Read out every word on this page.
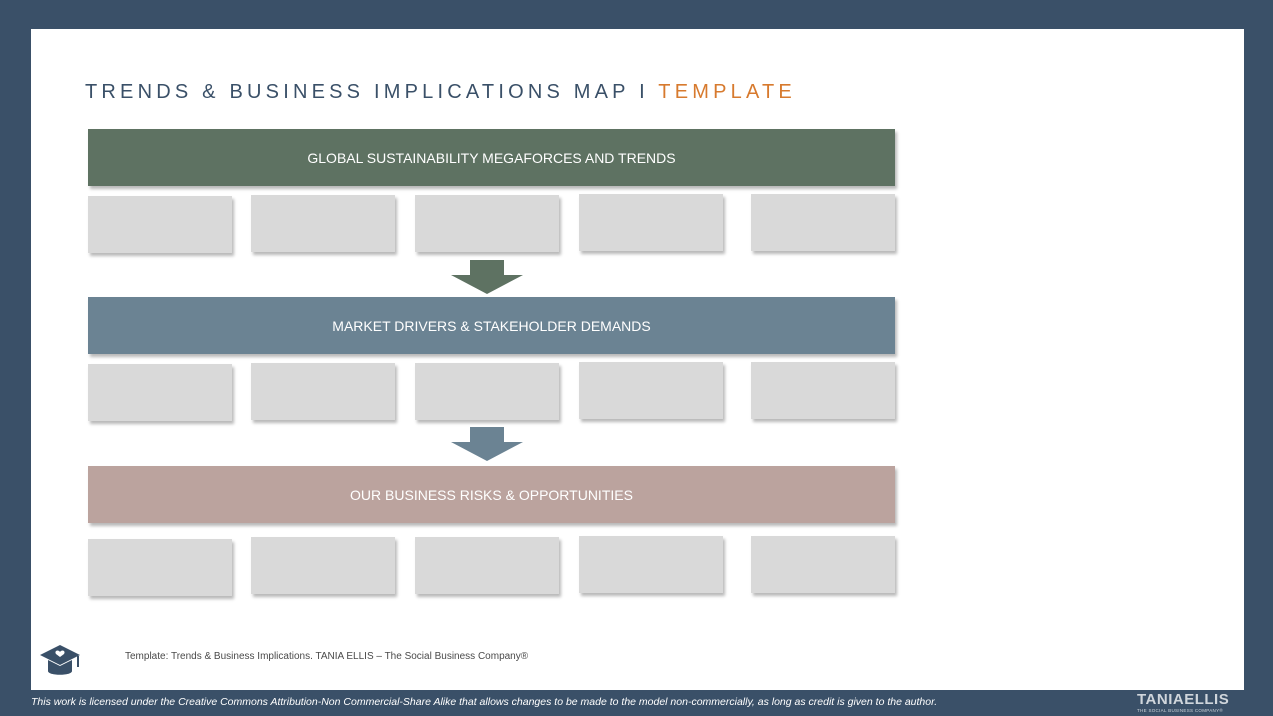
TRENDS & BUSINESS IMPLICATIONS MAP I TEMPLATE
GLOBAL SUSTAINABILITY MEGAFORCES AND TRENDS
MARKET DRIVERS & STAKEHOLDER DEMANDS
OUR BUSINESS RISKS & OPPORTUNITIES
Template: Trends & Business Implications. TANIA ELLIS – The Social Business Company®
This work is licensed under the Creative Commons Attribution-Non Commercial-Share Alike that allows changes to be made to the model non-commercially, as long as credit is given to the author.	TANIAELLIS
THE SOCIAL BUSINESS COMPANY®
